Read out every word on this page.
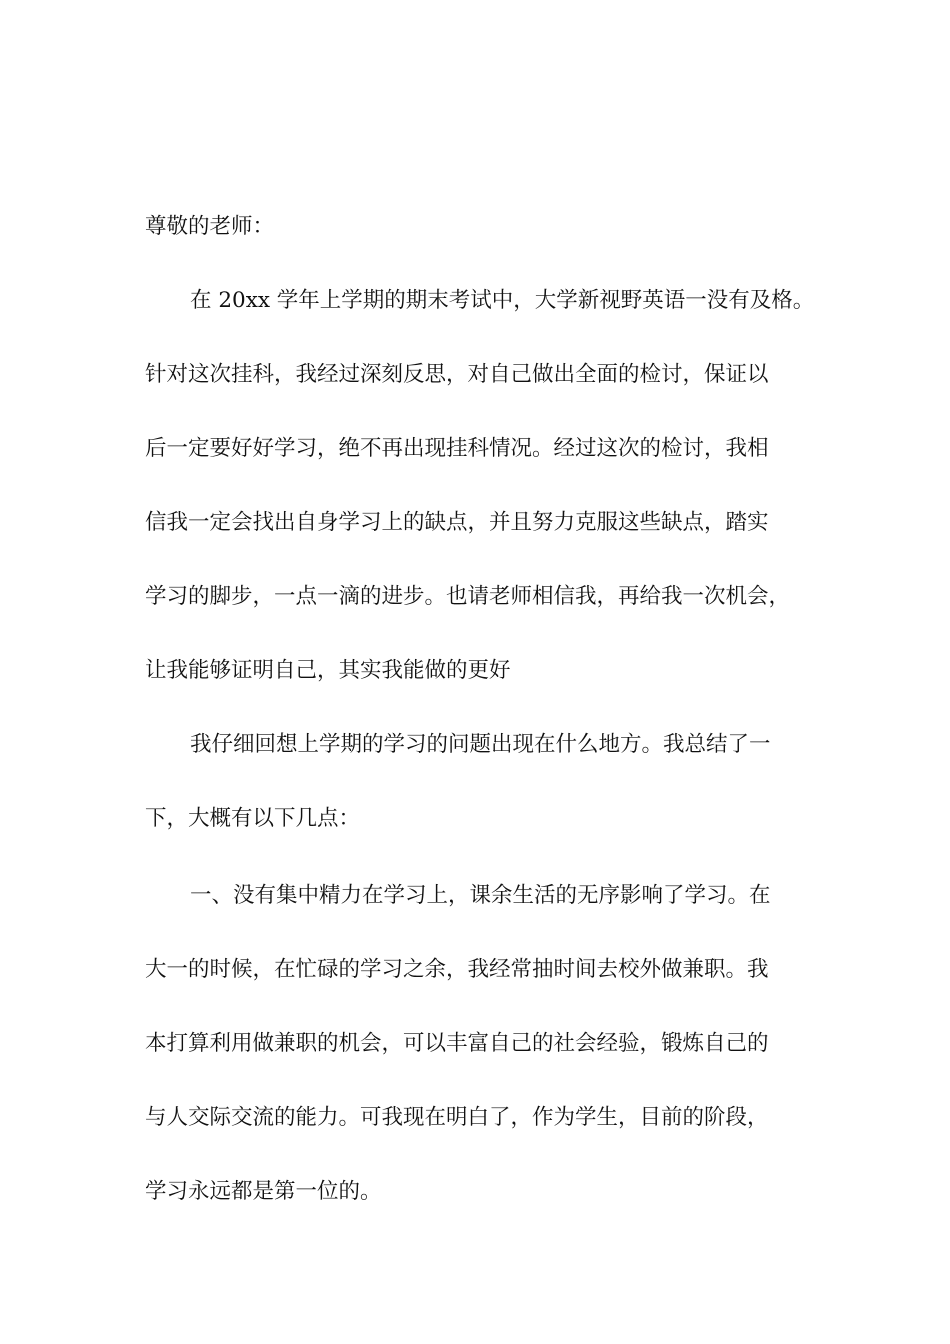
尊敬的老师：
在 20xx 学年上学期的期末考试中，大学新视野英语一没有及格。
针对这次挂科，我经过深刻反思，对自己做出全面的检讨，保证以
后一定要好好学习，绝不再出现挂科情况。经过这次的检讨，我相
信我一定会找出自身学习上的缺点，并且努力克服这些缺点，踏实
学习的脚步，一点一滴的进步。也请老师相信我，再给我一次机会，
让我能够证明自己，其实我能做的更好
我仔细回想上学期的学习的问题出现在什么地方。我总结了一
下，大概有以下几点：
一、没有集中精力在学习上，课余生活的无序影响了学习。在
大一的时候，在忙碌的学习之余，我经常抽时间去校外做兼职。我
本打算利用做兼职的机会，可以丰富自己的社会经验，锻炼自己的
与人交际交流的能力。可我现在明白了，作为学生，目前的阶段，
学习永远都是第一位的。
